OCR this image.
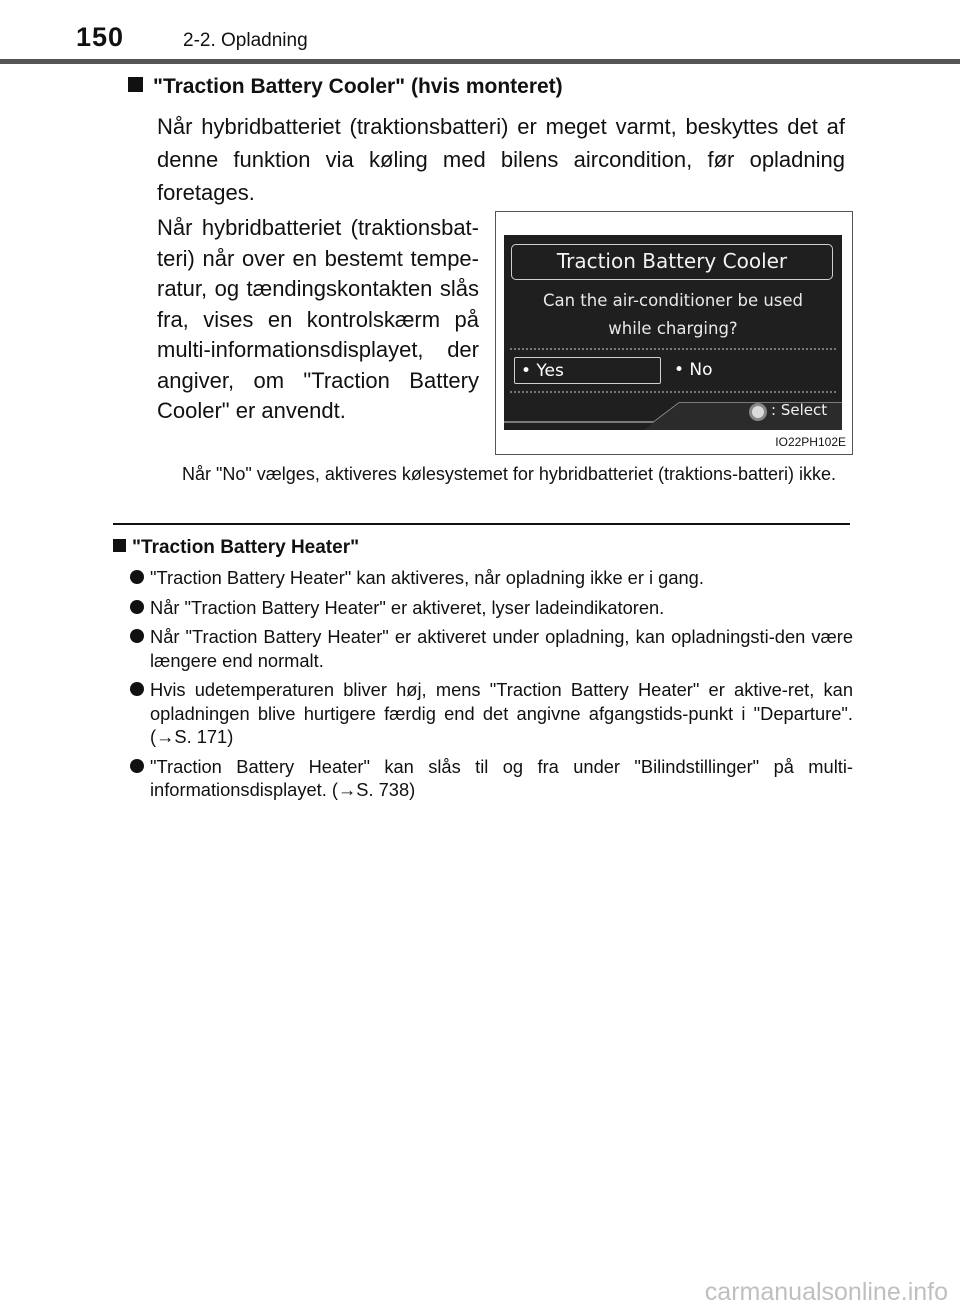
150	2-2. Opladning
"Traction Battery Cooler" (hvis monteret)
Når hybridbatteriet (traktionsbatteri) er meget varmt, beskyttes det af denne funktion via køling med bilens aircondition, før opladning foretages.
Når hybridbatteriet (traktionsbat-teri) når over en bestemt tempe-ratur, og tændingskontakten slås fra, vises en kontrolskærm på multi-informationsdisplayet, der angiver, om "Traction Battery Cooler" er anvendt.
Traction Battery Cooler
Can the air-conditioner be used
while charging?
• Yes	• No
: Select
IO22PH102E
Når "No" vælges, aktiveres kølesystemet for hybridbatteriet (traktions-batteri) ikke.
"Traction Battery Heater"
"Traction Battery Heater" kan aktiveres, når opladning ikke er i gang.
Når "Traction Battery Heater" er aktiveret, lyser ladeindikatoren.
Når "Traction Battery Heater" er aktiveret under opladning, kan opladningsti-den være længere end normalt.
Hvis udetemperaturen bliver høj, mens "Traction Battery Heater" er aktive-ret, kan opladningen blive hurtigere færdig end det angivne afgangstids-punkt i "Departure". (→S. 171)
"Traction Battery Heater" kan slås til og fra under "Bilindstillinger" på multi-informationsdisplayet. (→S. 738)
carmanualsonline.info
